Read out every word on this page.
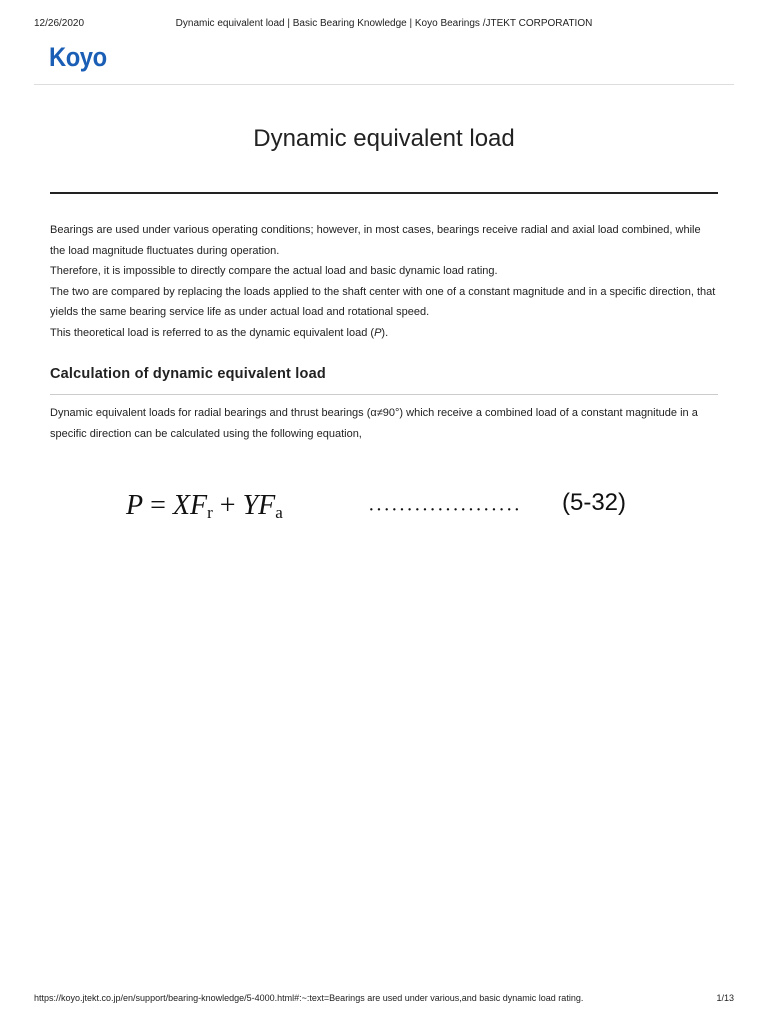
12/26/2020	Dynamic equivalent load | Basic Bearing Knowledge | Koyo Bearings /JTEKT CORPORATION
Koyo
Dynamic equivalent load

Bearings are used under various operating conditions; however, in most cases, bearings receive radial and axial load combined, while the load magnitude fluctuates during operation.

Therefore, it is impossible to directly compare the actual load and basic dynamic load rating.

The two are compared by replacing the loads applied to the shaft center with one of a constant magnitude and in a specific direction, that yields the same bearing service life as under actual load and rotational speed.

This theoretical load is referred to as the dynamic equivalent load (P).

Calculation of dynamic equivalent load

Dynamic equivalent loads for radial bearings and thrust bearings (α≠90°) which receive a combined load of a constant magnitude in a specific direction can be calculated using the following equation,

$P = XF_r + YF_a$	···················· (5-32)
https://koyo.jtekt.co.jp/en/support/bearing-knowledge/5-4000.html#:~:text=Bearings are used under various,and basic dynamic load rating.	1/13
